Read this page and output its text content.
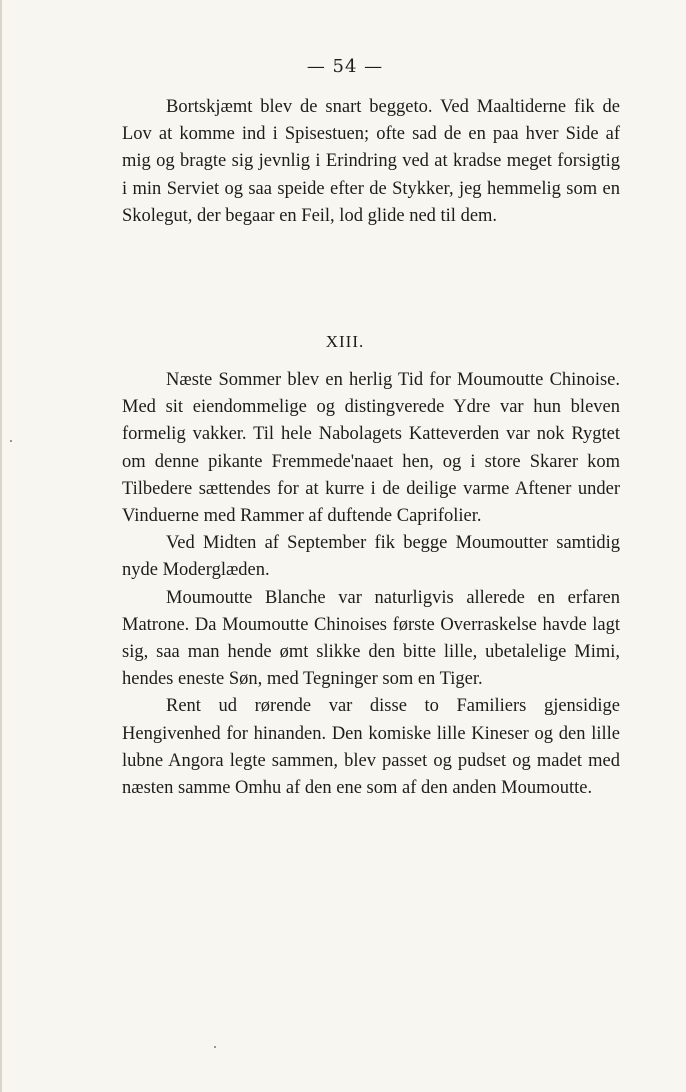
— 54 —

Bortskjæmt blev de snart beggeto. Ved Maaltiderne fik de Lov at komme ind i Spisestuen; ofte sad de en paa hver Side af mig og bragte sig jevnlig i Erindring ved at kradse meget forsigtig i min Serviet og saa speide efter de Stykker, jeg hemmelig som en Skolegut, der begaar en Feil, lod glide ned til dem.

XIII.

Næste Sommer blev en herlig Tid for Moumoutte Chinoise. Med sit eiendommelige og distingverede Ydre var hun bleven formelig vakker. Til hele Nabolagets Katteverden var nok Rygtet om denne pikante Fremmede'naaet hen, og i store Skarer kom Tilbedere sættendes for at kurre i de deilige varme Aftener under Vinduerne med Rammer af duftende Caprifolier.

Ved Midten af September fik begge Moumoutter samtidig nyde Moderglæden.

Moumoutte Blanche var naturligvis allerede en erfaren Matrone. Da Moumoutte Chinoises første Overraskelse havde lagt sig, saa man hende ømt slikke den bitte lille, ubetalelige Mimi, hendes eneste Søn, med Tegninger som en Tiger.

Rent ud rørende var disse to Familiers gjensidige Hengivenhed for hinanden. Den komiske lille Kineser og den lille lubne Angora legte sammen, blev passet og pudset og madet med næsten samme Omhu af den ene som af den anden Moumoutte.
